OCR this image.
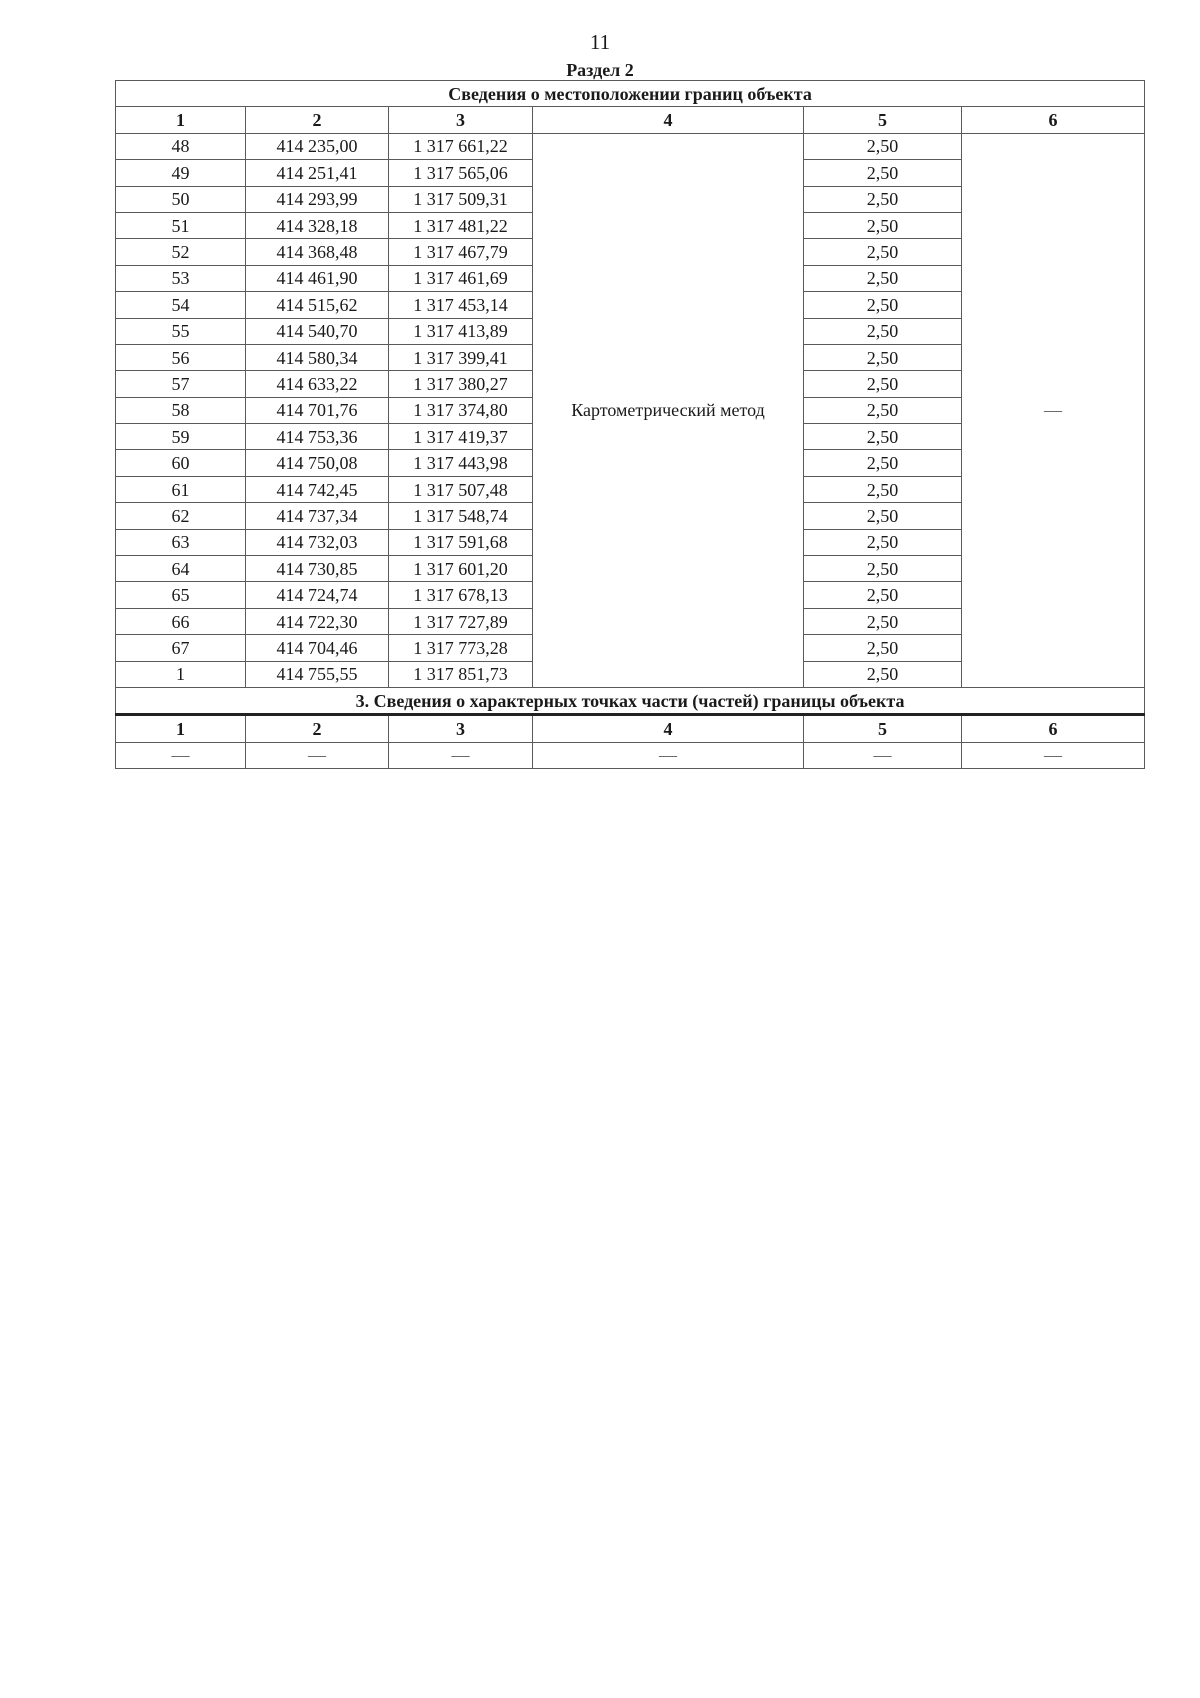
11
Раздел 2
Сведения о местоположении границ объекта					
1	2	3	4	5	6
48	414 235,00	1 317 661,22	Картометрический метод	2,50	—
49	414 251,41	1 317 565,06		2,50	
50	414 293,99	1 317 509,31		2,50	
51	414 328,18	1 317 481,22		2,50	
52	414 368,48	1 317 467,79		2,50	
53	414 461,90	1 317 461,69		2,50	
54	414 515,62	1 317 453,14		2,50	
55	414 540,70	1 317 413,89		2,50	
56	414 580,34	1 317 399,41		2,50	
57	414 633,22	1 317 380,27		2,50	
58	414 701,76	1 317 374,80		2,50	
59	414 753,36	1 317 419,37		2,50	
60	414 750,08	1 317 443,98		2,50	
61	414 742,45	1 317 507,48		2,50	
62	414 737,34	1 317 548,74		2,50	
63	414 732,03	1 317 591,68		2,50	
64	414 730,85	1 317 601,20		2,50	
65	414 724,74	1 317 678,13		2,50	
66	414 722,30	1 317 727,89		2,50	
67	414 704,46	1 317 773,28		2,50	
1	414 755,55	1 317 851,73		2,50	
3. Сведения о характерных точках части (частей) границы объекта					
1	2	3	4	5	6
—	—	—	—	—	—
